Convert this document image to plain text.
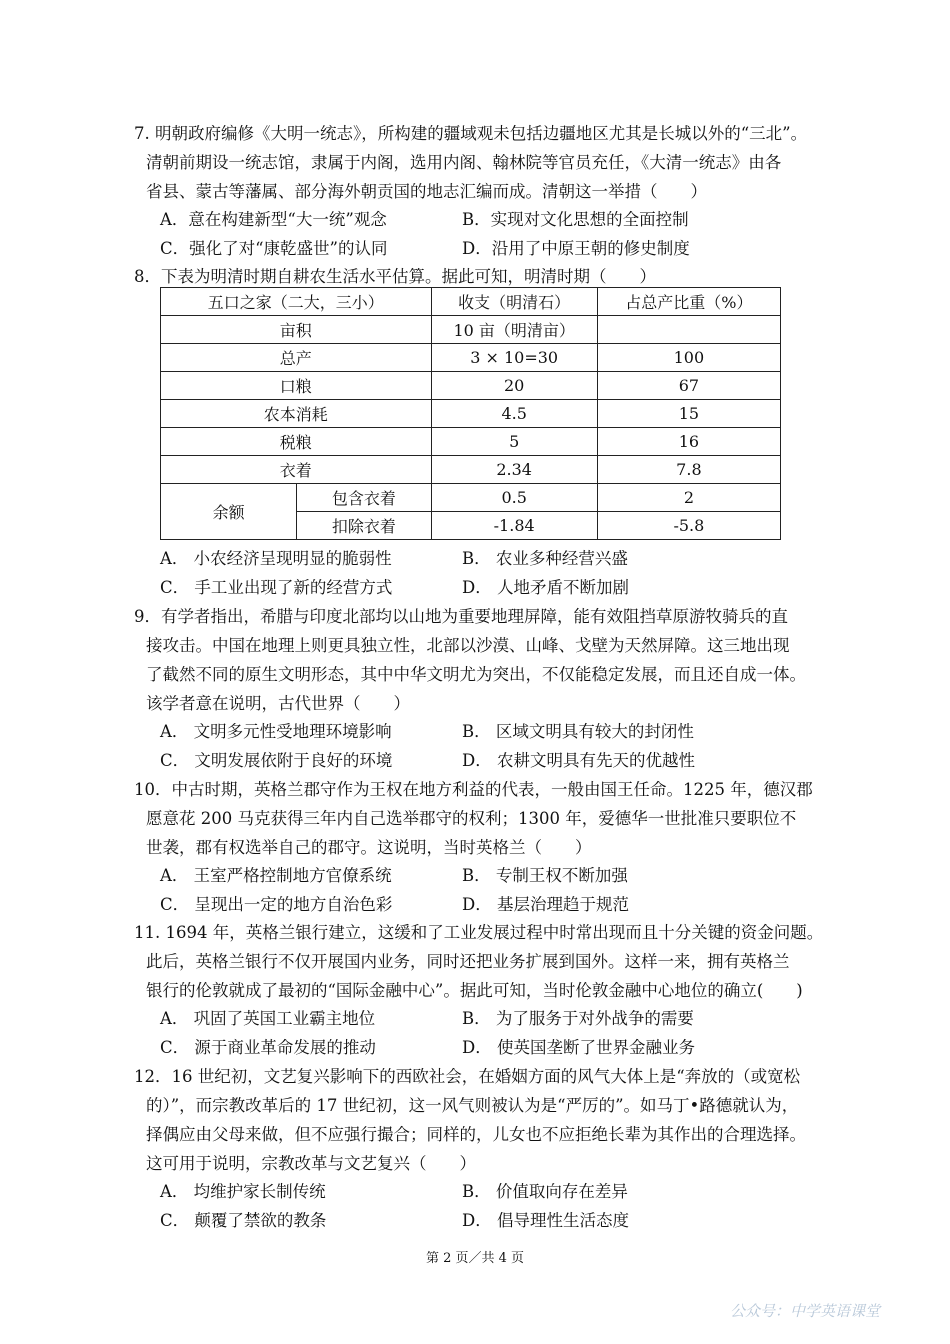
7. 明朝政府编修《大明一统志》，所构建的疆域观未包括边疆地区尤其是长城以外的“三北”。
清朝前期设一统志馆，隶属于内阁，选用内阁、翰林院等官员充任，《大清一统志》由各
省县、蒙古等藩属、部分海外朝贡国的地志汇编而成。清朝这一举措（　　）
A．意在构建新型“大一统”观念	B．实现对文化思想的全面控制
C．强化了对“康乾盛世”的认同	D．沿用了中原王朝的修史制度
8．下表为明清时期自耕农生活水平估算。据此可知，明清时期（　　）
五口之家（二大，三小）		收支（明清石）	占总产比重（%）
亩积		10 亩（明清亩）	
总产		3 × 10=30	100
口粮		20	67
农本消耗		4.5	15
税粮		5	16
衣着		2.34	7.8
余额	包含衣着	0.5	2
	扣除衣着	-1.84	-5.8
A． 小农经济呈现明显的脆弱性	B． 农业多种经营兴盛
C． 手工业出现了新的经营方式	D． 人地矛盾不断加剧
9．有学者指出，希腊与印度北部均以山地为重要地理屏障，能有效阻挡草原游牧骑兵的直
接攻击。中国在地理上则更具独立性，北部以沙漠、山峰、戈壁为天然屏障。这三地出现
了截然不同的原生文明形态，其中中华文明尤为突出，不仅能稳定发展，而且还自成一体。
该学者意在说明，古代世界（　　）
A． 文明多元性受地理环境影响	B． 区域文明具有较大的封闭性
C． 文明发展依附于良好的环境	D． 农耕文明具有先天的优越性
10．中古时期，英格兰郡守作为王权在地方利益的代表，一般由国王任命。1225 年，德汉郡
愿意花 200 马克获得三年内自己选举郡守的权利；1300 年，爱德华一世批准只要职位不
世袭，郡有权选举自己的郡守。这说明，当时英格兰（　　）
A． 王室严格控制地方官僚系统	B． 专制王权不断加强
C． 呈现出一定的地方自治色彩	D． 基层治理趋于规范
11. 1694 年，英格兰银行建立，这缓和了工业发展过程中时常出现而且十分关键的资金问题。
此后，英格兰银行不仅开展国内业务，同时还把业务扩展到国外。这样一来，拥有英格兰
银行的伦敦就成了最初的“国际金融中心”。据此可知，当时伦敦金融中心地位的确立(　　)
A． 巩固了英国工业霸主地位	B． 为了服务于对外战争的需要
C． 源于商业革命发展的推动	D． 使英国垄断了世界金融业务
12．16 世纪初，文艺复兴影响下的西欧社会，在婚姻方面的风气大体上是“奔放的（或宽松
的）”，而宗教改革后的 17 世纪初，这一风气则被认为是“严厉的”。如马丁•路德就认为，
择偶应由父母来做，但不应强行撮合；同样的，儿女也不应拒绝长辈为其作出的合理选择。
这可用于说明，宗教改革与文艺复兴（　　）
A． 均维护家长制传统	B． 价值取向存在差异
C． 颠覆了禁欲的教条	D． 倡导理性生活态度
第 2 页／共 4 页
公众号：中学英语课堂
